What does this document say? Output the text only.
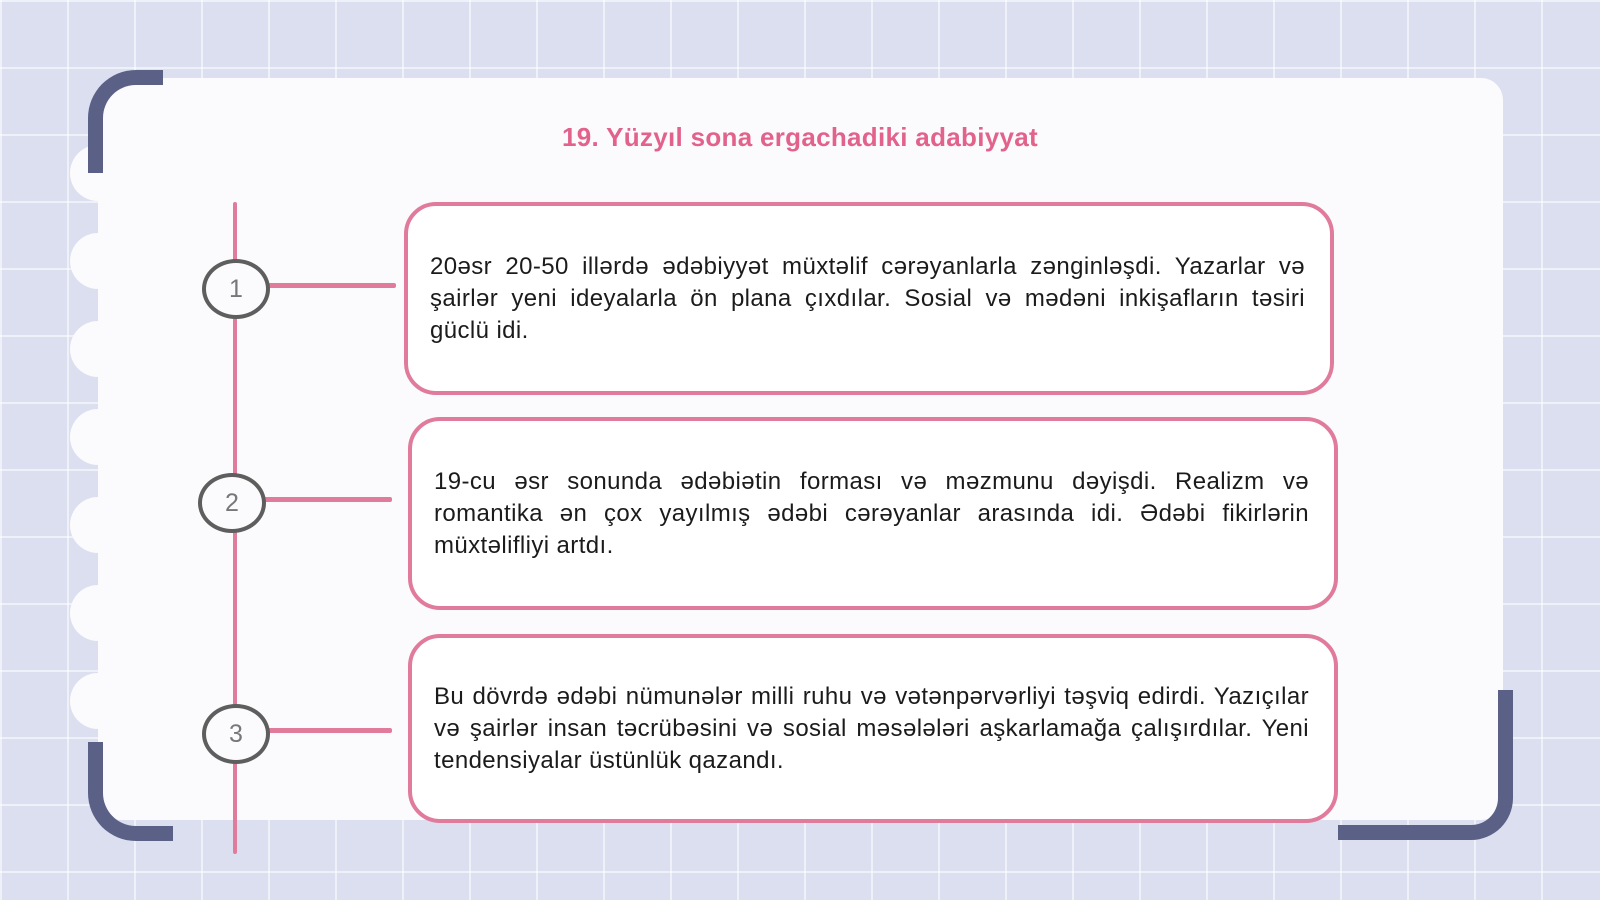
19. Yüzyıl sona ergachadiki adabiyyat
1
2
3

20əsr 20-50 illərdə ədəbiyyət müxtəlif cərəyanlarla zənginləşdi. Yazarlar və şairlər yeni ideyalarla ön plana çıxdılar. Sosial və mədəni inkişafların təsiri güclü idi.

19-cu əsr sonunda ədəbiətin forması və məzmunu dəyişdi. Realizm və romantika ən çox yayılmış ədəbi cərəyanlar arasında idi. Ədəbi fikirlərin müxtəlifliyi artdı.

Bu dövrdə ədəbi nümunələr milli ruhu və vətənpərvərliyi təşviq edirdi. Yazıçılar və şairlər insan təcrübəsini və sosial məsələləri aşkarlamağa çalışırdılar. Yeni tendensiyalar üstünlük qazandı.
